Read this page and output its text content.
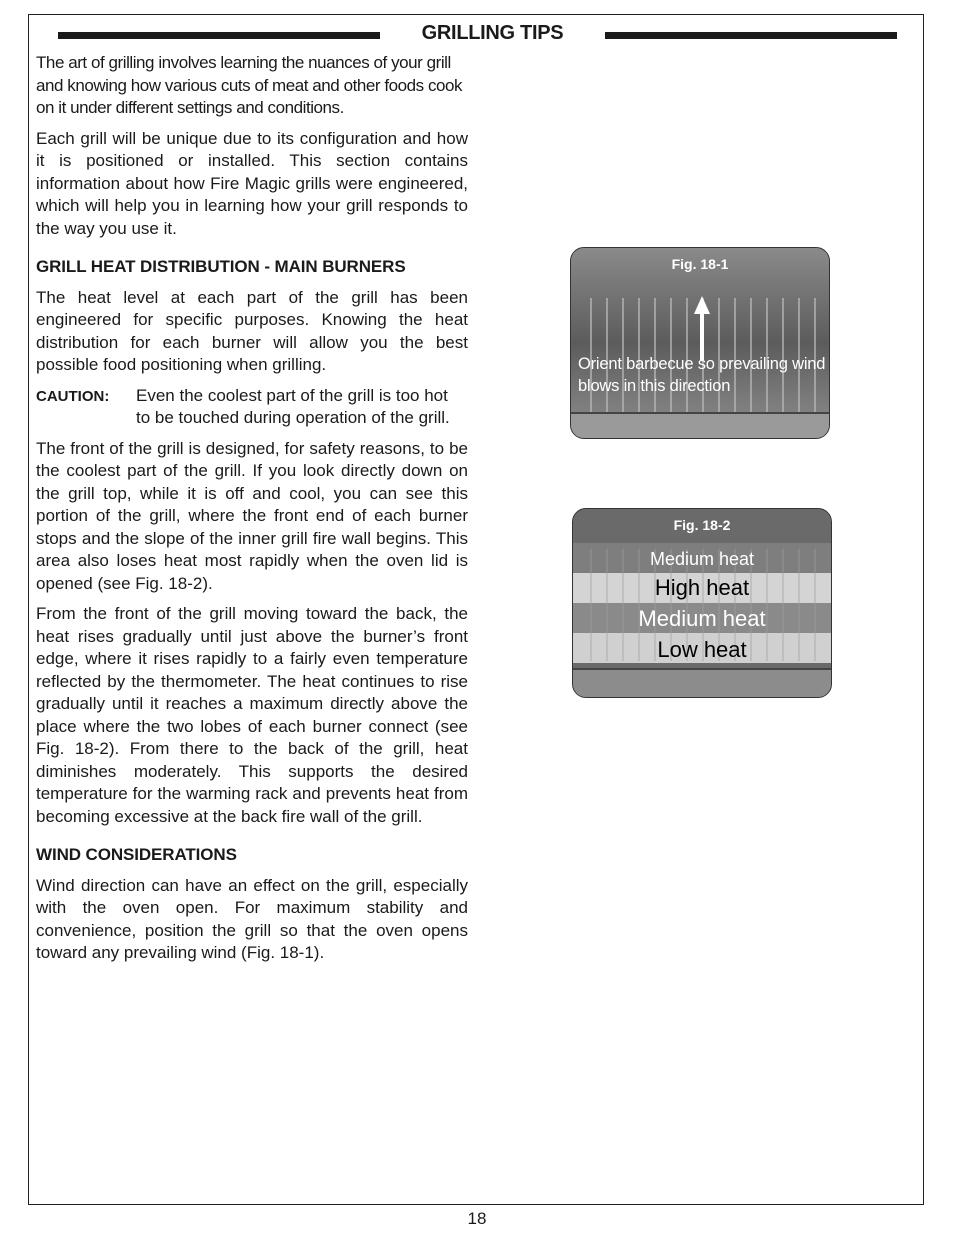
GRILLING TIPS

The art of grilling involves learning the nuances of your grill and knowing how various cuts of meat and other foods cook on it under different settings and conditions.

Each grill will be unique due to its configuration and how it is positioned or installed. This section contains information about how Fire Magic grills were engineered, which will help you in learning how your grill responds to the way you use it.

GRILL HEAT DISTRIBUTION - MAIN BURNERS

The heat level at each part of the grill has been engineered for specific purposes. Knowing the heat distribution for each burner will allow you the best possible food positioning when grilling.

CAUTION:	Even the coolest part of the grill is too hot to be touched during operation of the grill.

The front of the grill is designed, for safety reasons, to be the coolest part of the grill. If you look directly down on the grill top, while it is off and cool, you can see this portion of the grill, where the front end of each burner stops and the slope of the inner grill fire wall begins. This area also loses heat most rapidly when the oven lid is opened (see Fig. 18-2).

From the front of the grill moving toward the back, the heat rises gradually until just above the burner’s front edge, where it rises rapidly to a fairly even temperature reflected by the thermometer. The heat continues to rise gradually until it reaches a maximum directly above the place where the two lobes of each burner connect (see Fig. 18-2). From there to the back of the grill, heat diminishes moderately. This supports the desired temperature for the warming rack and prevents heat from becoming excessive at the back fire wall of the grill.

WIND CONSIDERATIONS

Wind direction can have an effect on the grill, especially with the oven open. For maximum stability and convenience, position the grill so that the oven opens toward any prevailing wind (Fig. 18-1).

Fig. 18-1
Orient barbecue so prevailing wind blows in this direction
Fig. 18-2
Medium heat
High heat
Medium heat
Low heat
18
